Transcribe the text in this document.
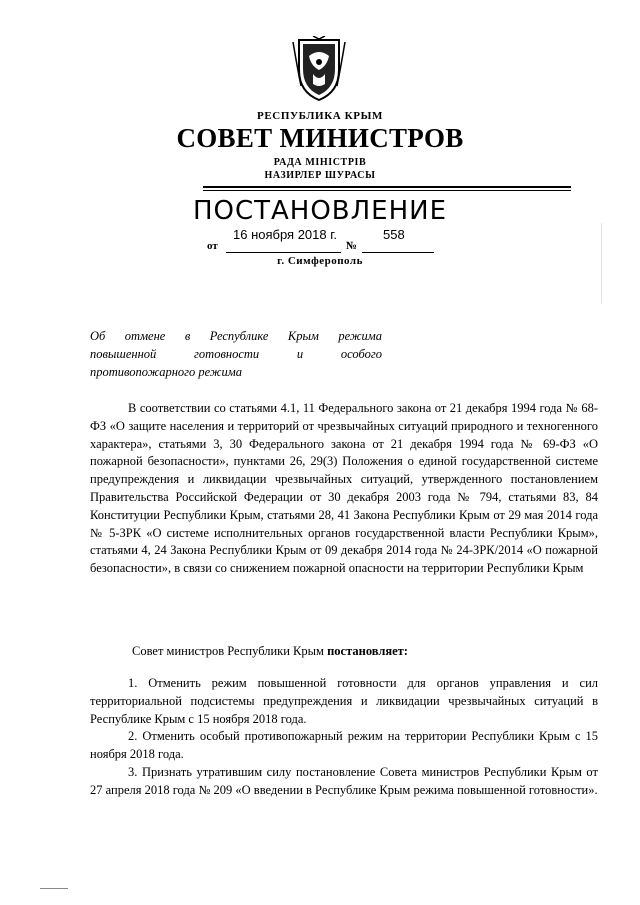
РЕСПУБЛИКА КРЫМ
СОВЕТ МИНИСТРОВ
РАДА МІНІСТРІВ
НАЗИРЛЕР ШУРАСЫ
ПОСТАНОВЛЕНИЕ
16 ноября 2018 г.	558
от	№
г. Симферополь
Об отмене в Республике Крым режима
повышенной готовности и особого
противопожарного режима
В соответствии со статьями 4.1, 11 Федерального закона от 21 декабря 1994 года № 68-ФЗ «О защите населения и территорий от чрезвычайных ситуаций природного и техногенного характера», статьями 3, 30 Федерального закона от 21 декабря 1994 года № 69-ФЗ «О пожарной безопасности», пунктами 26, 29(3) Положения о единой государственной системе предупреждения и ликвидации чрезвычайных ситуаций, утвержденного постановлением Правительства Российской Федерации от 30 декабря 2003 года № 794, статьями 83, 84 Конституции Республики Крым, статьями 28, 41 Закона Республики Крым от 29 мая 2014 года № 5-ЗРК «О системе исполнительных органов государственной власти Республики Крым», статьями 4, 24 Закона Республики Крым от 09 декабря 2014 года № 24-ЗРК/2014 «О пожарной безопасности», в связи со снижением пожарной опасности на территории Республики Крым
Совет министров Республики Крым постановляет:

1. Отменить режим повышенной готовности для органов управления и сил территориальной подсистемы предупреждения и ликвидации чрезвычайных ситуаций в Республике Крым с 15 ноября 2018 года.

2. Отменить особый противопожарный режим на территории Республики Крым с 15 ноября 2018 года.

3. Признать утратившим силу постановление Совета министров Республики Крым от 27 апреля 2018 года № 209 «О введении в Республике Крым режима повышенной готовности».
